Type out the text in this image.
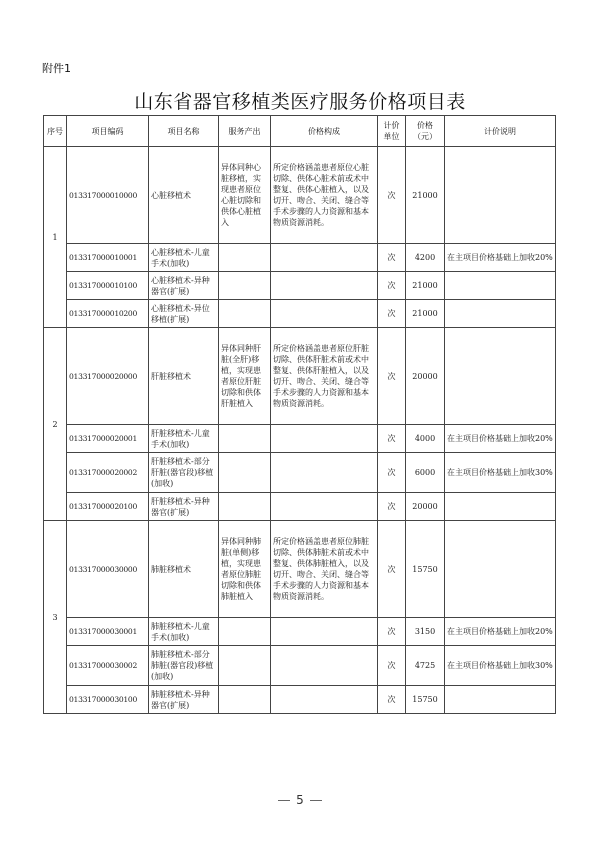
附件1
山东省器官移植类医疗服务价格项目表
序号	项目编码	项目名称	服务产出	价格构成	计价单位	价格（元）	计价说明
1	013317000010000	心脏移植术	异体同种心脏移植，实现患者原位心脏切除和供体心脏植入	所定价格涵盖患者原位心脏切除、供体心脏术前或术中整复、供体心脏植入，以及切开、吻合、关闭、缝合等手术步骤的人力资源和基本物质资源消耗。	次	21000	
	013317000010001	心脏移植术-儿童手术(加收)			次	4200	在主项目价格基础上加收20%
	013317000010100	心脏移植术-异种器官(扩展)			次	21000	
	013317000010200	心脏移植术-异位移植(扩展)			次	21000	
2	013317000020000	肝脏移植术	异体同种肝脏(全肝)移植，实现患者原位肝脏切除和供体肝脏植入	所定价格涵盖患者原位肝脏切除、供体肝脏术前或术中整复、供体肝脏植入，以及切开、吻合、关闭、缝合等手术步骤的人力资源和基本物质资源消耗。	次	20000	
	013317000020001	肝脏移植术-儿童手术(加收)			次	4000	在主项目价格基础上加收20%
	013317000020002	肝脏移植术-部分肝脏(器官段)移植(加收)			次	6000	在主项目价格基础上加收30%
	013317000020100	肝脏移植术-异种器官(扩展)			次	20000	
3	013317000030000	肺脏移植术	异体同种肺脏(单侧)移植，实现患者原位肺脏切除和供体肺脏植入	所定价格涵盖患者原位肺脏切除、供体肺脏术前或术中整复、供体肺脏植入，以及切开、吻合、关闭、缝合等手术步骤的人力资源和基本物质资源消耗。	次	15750	
	013317000030001	肺脏移植术-儿童手术(加收)			次	3150	在主项目价格基础上加收20%
	013317000030002	肺脏移植术-部分肺脏(器官段)移植(加收)			次	4725	在主项目价格基础上加收30%
	013317000030100	肺脏移植术-异种器官(扩展)			次	15750	
5
